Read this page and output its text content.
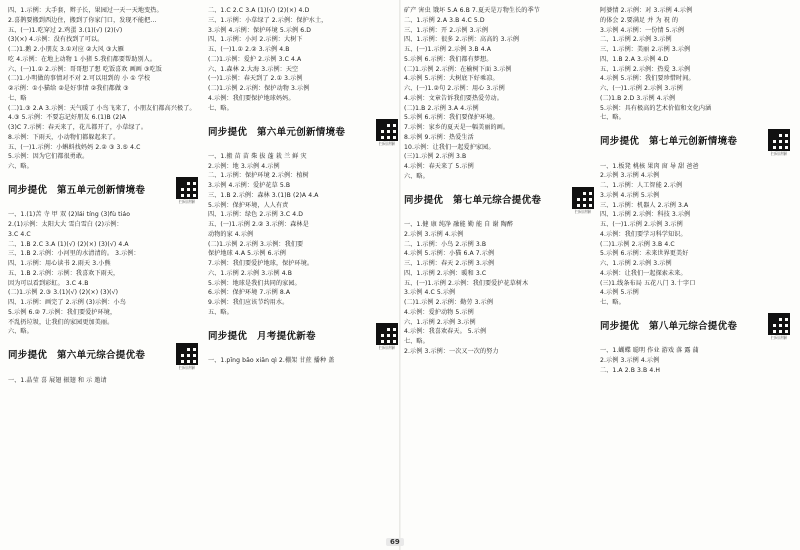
四、1.示例：大手套，辫子长，果园过一天一天地变热。

2.喜鹊要搬到西边住，搬到了你家门口，发现不能把...

五、(一)1.吃穿过 2.鸡蛋 3.(1)(√) (2)(√)

(3)(×) 4.示例：没有找到了可以。

(二)1.鹅 2.小朋友 3.①对应 ②大风 ③大雁

吃 4.示例：在地上动物 1 小猪 5.我们都要帮助别人。

六、(一)1.① 2.示例：哥哥想了想 吃饭喜欢 画画 ③吃饭

(二)1.小明做的事情对不对 2.可以用到的 小 ① 学校

②示例：①小猫给 ②是好事情 ②我们都做 ③

七、略

(二)1.③ 2.A 3.示例：天气暖了 小鸟飞来了，小朋友们都高兴极了。

4.③ 5.示例：不要忘记好朋友 6.(1)B (2)A

(3)C 7.示例：春天来了，花儿都开了，小草绿了。

8.示例：下雨天，小动物们都躲起来了。

五、(一)1.示例：小蝌蚪找妈妈 2.② ③ 3.⑤ 4.C

5.示例：因为它们都很勇敢。

六、略。

同步提优　第五单元创新情境卷
扫码讲解

一、1.(1)苦 寺 甲 双 (2)lái tíng (3)fù tiáo

2.(1)示例：太阳大大 雪白雪白 (2)示例：

3.C 4.C

二、1.B 2.C 3.A (1)(√) (2)(×) (3)(√) 4.A

三、1.B 2.示例：小河里的水清清的。 3.示例：

四、1.示例：用心读书 2.雨天 3.小熊

五、1.B 2.示例：示例：我喜欢下雨天，

因为可以看到彩虹。 3.C 4.B

(二)1.示例 2.③ 3.(1)(√) (2)(×) (3)(√)

四、1.示例：画完了 2.示例 (3)示例：小鸟

5.示例 6.② 7.示例：我们要爱护环境，

不乱扔垃圾，让我们的家园更加美丽。

六、略。

同步提优　第六单元综合提优卷
扫码讲解

一、1.晶莹 喜 展翅 振翅 和 示 邀请

二、1.C 2.C 3.A (1)(√) (2)(×) 4.D

三、1.示例：小草绿了 2.示例：保护水土，

3.示例 4.示例：保护环境 5.示例 6.D

四、1.示例：小河 2.示例：大树下

五、(一)1.① 2.② 3.示例 4.B

(二)1.示例：爱护 2.示例 3.C 4.A

六、1.森林 2.大海 3.示例：天空

(一)1.示例：春天到了 2.① 3.示例

(二)1.示例 2.示例：保护动物 3.示例

4.示例：我们要保护地球妈妈。

七、略。

同步提优　第六单元创新情境卷
扫码讲解

一、1.搬 苗 苗 柴 拔 蓬 栽 兰 鲜 灾

2.示例：地 3.示例 4.示例

二、1.示例：保护环境 2.示例：植树

3.示例 4.示例：爱护花草 5.B

三、1.B 2.示例：森林 3.(1)B (2)A 4.A

5.示例：保护环境，人人有责

四、1.示例：绿色 2.示例 3.C 4.D

五、(一)1.示例 2.② 3.示例：森林是

动物的家 4.示例

(二)1.示例 2.示例 3.示例：我们要

保护地球 4.A 5.示例 6.示例

7.示例：我们要爱护地球，保护环境。

六、1.示例 2.示例 3.示例 4.B

5.示例：地球是我们共同的家园。

6.示例：保护环境 7.示例 8.A

9.示例：我们应该节约用水。

五、略。

同步提优　月考提优新卷
扫码讲解

一、1.pīng bāo xiān qì 2.棚架 甘蔗 播种 盖

矿产 害虫 饿坏 5.A 6.B 7.夏天是万物生长的季节

二、1.示例 2.A 3.B 4.C 5.D

三、1.示例：开 2.示例 3.示例

四、1.示例：很多 2.示例：高高的 3.示例

五、(一)1.示例 2.示例 3.B 4.A

5.示例 6.示例：我们都有梦想。

(二)1.示例 2.示例：在榆树下面 3.示例

4.示例 5.示例：大树底下好乘凉。

六、(一)1.②句 2.示例：用心 3.示例

4.示例：文章告诉我们要热爱劳动。

(二)1.B 2.示例 3.A 4.示例

5.示例 6.示例：我们要保护环境。

7.示例：家乡的夏天是一幅美丽的画。

8.示例 9.示例：热爱生活

10.示例：让我们一起爱护家园。

(三)1.示例 2.示例 3.B

4.示例：春天来了 5.示例

六、略。

同步提优　第七单元综合提优卷
扫码讲解

一、1.健 康 纯净 融能 勤 能 自 谢 陶醉

2.示例 3.示例 4.示例

二、1.示例：小鸟 2.示例 3.B

4.示例 5.示例：小猫 6.A 7.示例

三、1.示例：春天 2.示例 3.示例

四、1.示例 2.示例：暖和 3.C

五、(一)1.示例 2.示例：我们要爱护花草树木

3.示例 4.C 5.示例

(二)1.示例 2.示例：勤劳 3.示例

4.示例：爱护动物 5.示例

六、1.示例 2.示例 3.示例

4.示例：我喜欢春天。 5.示例

七、略。

2.示例 3.示例：一次又一次的努力

阿婆情 2.示例：对 3.示例 4.示例

的体会 2.要满足 并 为 祝 的

3.示例 4.示例：一份情 5.示例

二、1.示例 2.示例 3.示例

三、1.示例：美丽 2.示例 3.示例

四、1.B 2.A 3.示例 4.D

五、1.示例 2.示例：热爱 3.示例

4.示例 5.示例：我们要珍惜时间。

六、(一)1.示例 2.示例 3.示例

(二)1.B 2.D 3.示例 4.示例

5.示例：具有极高的艺术价值和文化内涵

七、略。

同步提优　第七单元创新情境卷
扫码讲解

一、1.板凳 桃核 果肉 窗 导 甜 爸爸

2.示例 3.示例 4.示例

二、1.示例：人工智能 2.示例

3.示例 4.示例 5.示例

三、1.示例：机器人 2.示例 3.A

四、1.示例 2.示例：科技 3.示例

五、(一)1.示例 2.示例 3.示例

4.示例：我们要学习科学知识。

(二)1.示例 2.示例 3.B 4.C

5.示例 6.示例：未来世界更美好

六、1.示例 2.示例 3.示例

4.示例：让我们一起探索未来。

(三)1.线条布局 五花八门 3.十字口

4.示例 5.示例

七、略。

同步提优　第八单元综合提优卷
扫码讲解

一、1.蝴蝶 聪明 作业 游戏 落 露 蒲

2.示例 3.示例 4.示例

二、1.A 2.B 3.B 4.H

69
